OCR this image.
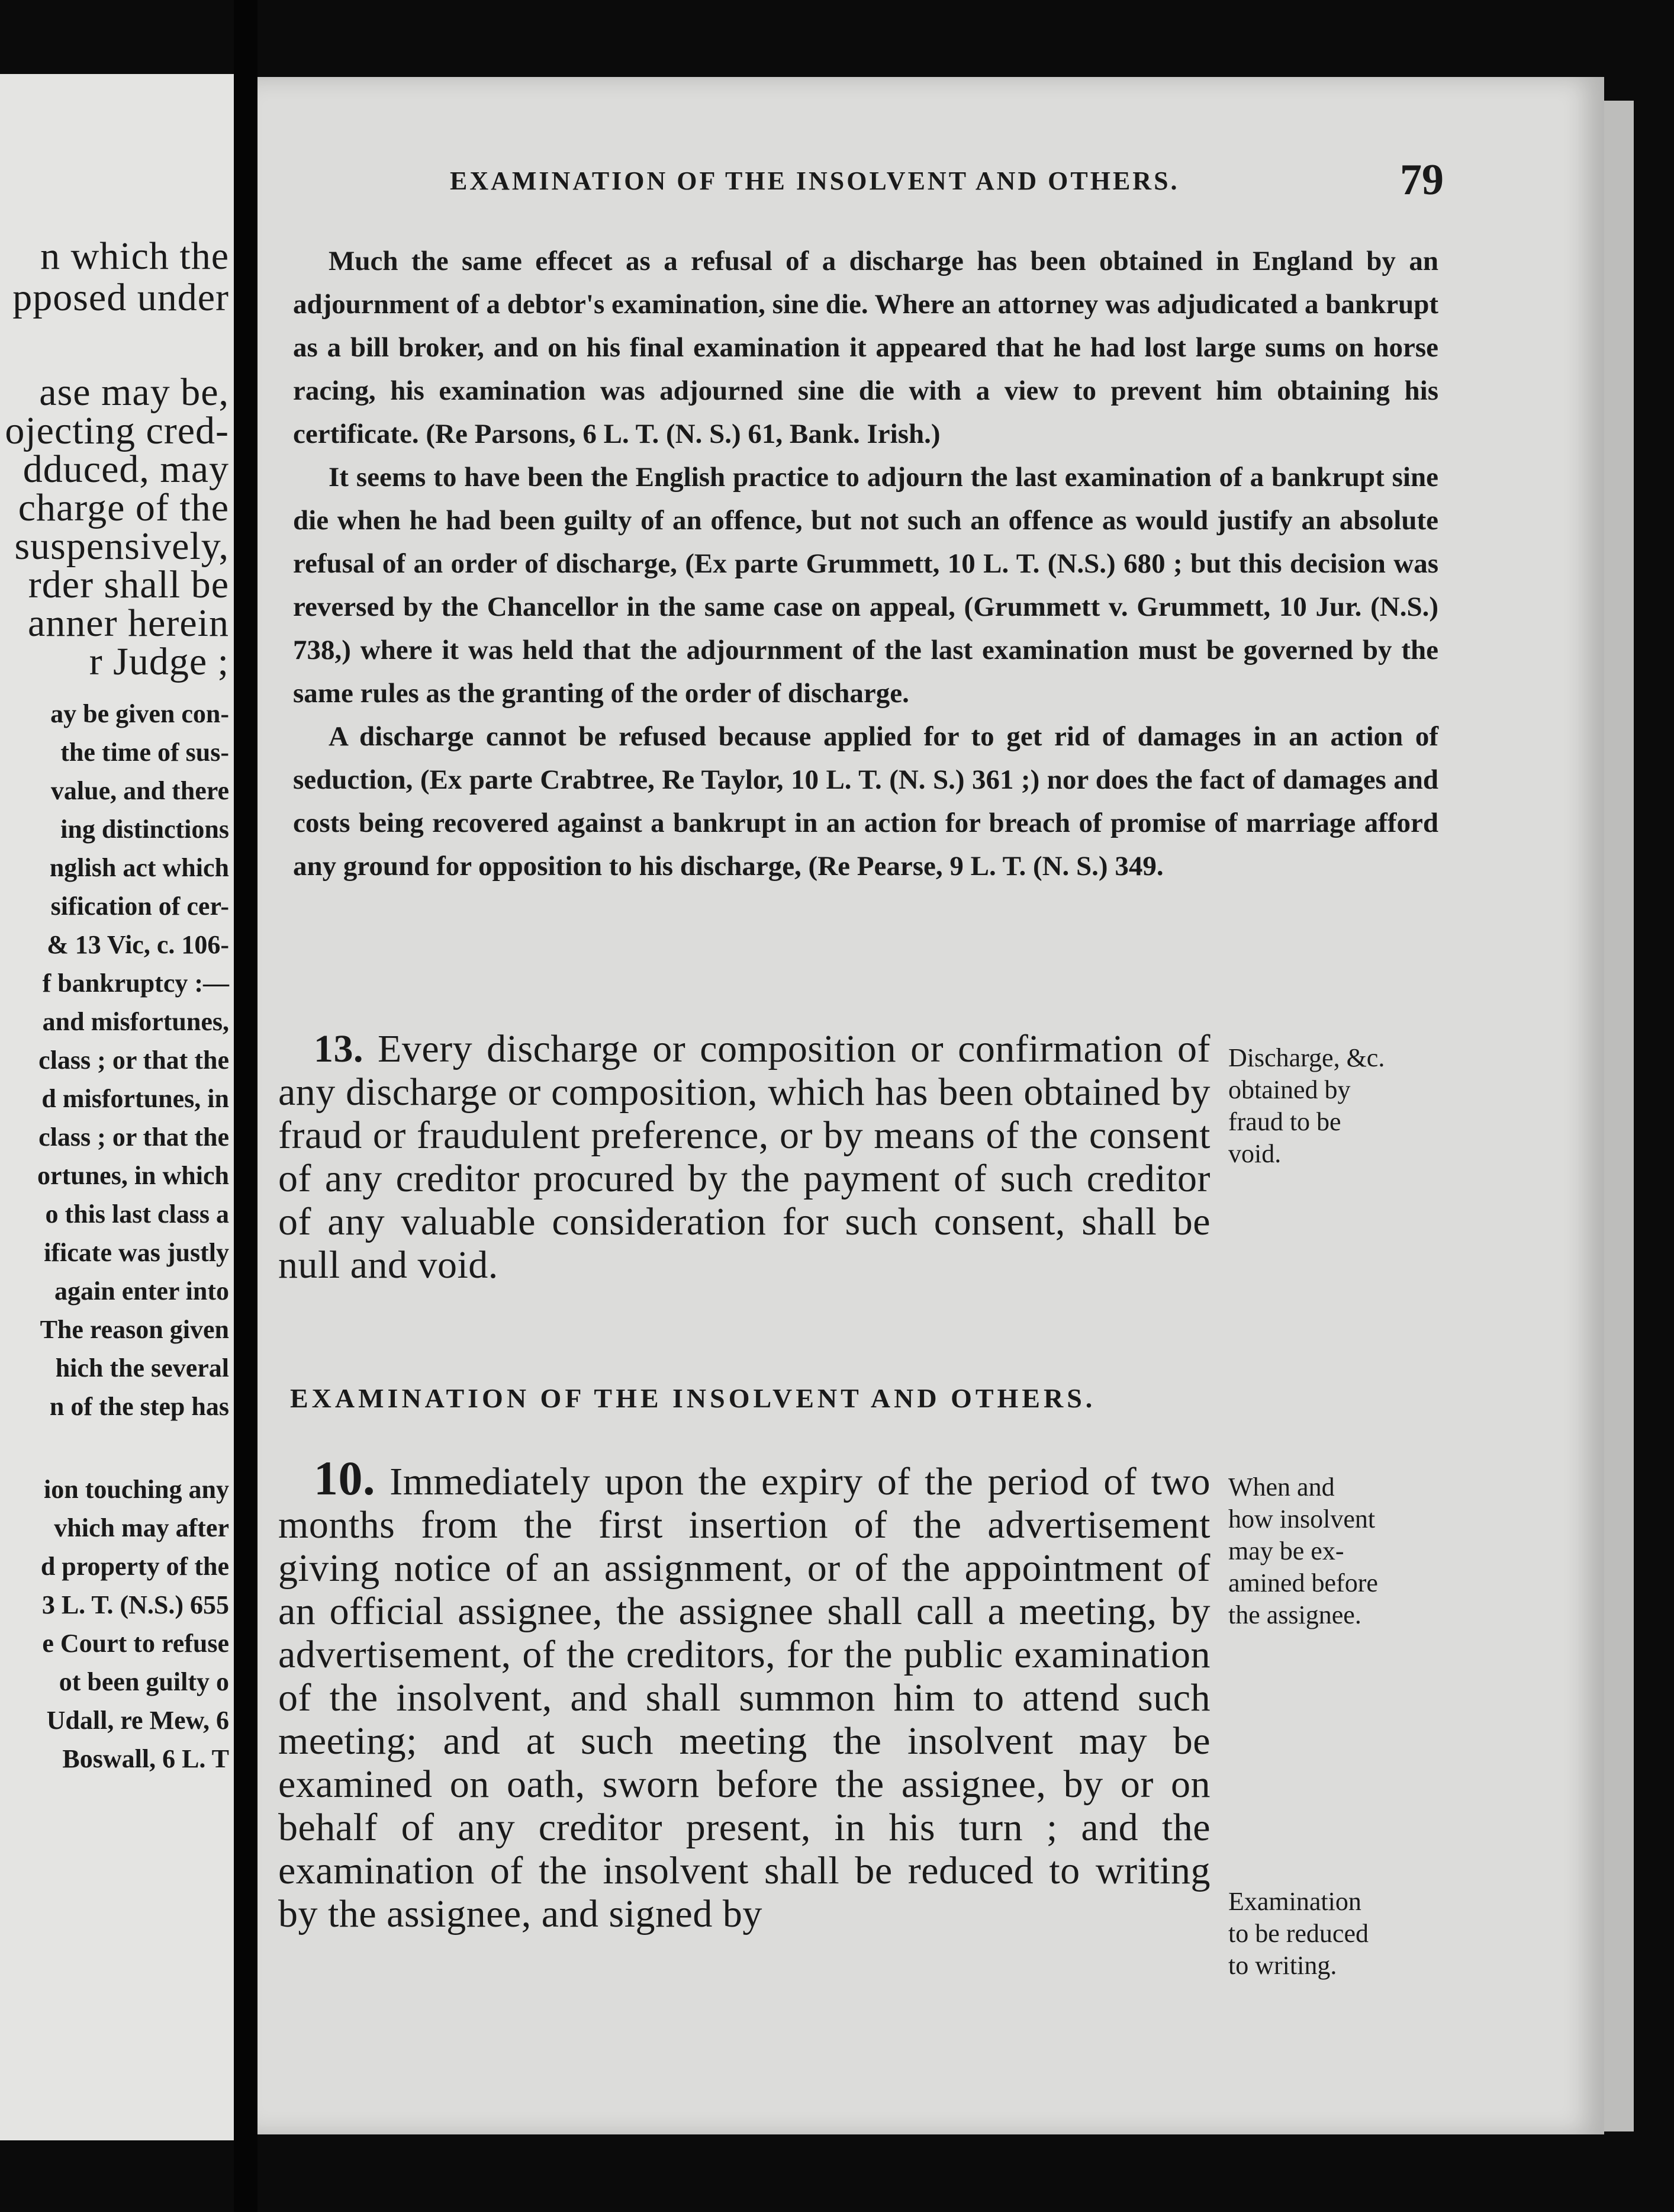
n which the
pposed under
ase may be,
ojecting cred-
dduced, may
charge of the
suspensively,
rder shall be
anner herein
r Judge ;
ay be given con-
the time of sus-
value, and there
ing distinctions
nglish act which
sification of cer-
& 13 Vic, c. 106-
f bankruptcy :—
and misfortunes,
class ; or that the
d misfortunes, in
class ; or that the
ortunes, in which
o this last class a
ificate was justly
again enter into
The reason given
hich the several
n of the step has
ion touching any
vhich may after
d property of the
3 L. T. (N.S.) 655
e Court to refuse
ot been guilty o
Udall, re Mew, 6
Boswall, 6 L. T
EXAMINATION OF THE INSOLVENT AND OTHERS.	79

Much the same effecet as a refusal of a discharge has been obtained in England by an adjournment of a debtor's examination, sine die. Where an attorney was adjudicated a bankrupt as a bill broker, and on his final examination it appeared that he had lost large sums on horse racing, his examination was adjourned sine die with a view to prevent him obtaining his certificate. (Re Parsons, 6 L. T. (N. S.) 61, Bank. Irish.)

It seems to have been the English practice to adjourn the last examination of a bankrupt sine die when he had been guilty of an offence, but not such an offence as would justify an absolute refusal of an order of discharge, (Ex parte Grummett, 10 L. T. (N.S.) 680 ; but this decision was reversed by the Chancellor in the same case on appeal, (Grummett v. Grummett, 10 Jur. (N.S.) 738,) where it was held that the adjournment of the last examination must be governed by the same rules as the granting of the order of discharge.

A discharge cannot be refused because applied for to get rid of damages in an action of seduction, (Ex parte Crabtree, Re Taylor, 10 L. T. (N. S.) 361 ;) nor does the fact of damages and costs being recovered against a bankrupt in an action for breach of promise of marriage afford any ground for opposition to his discharge, (Re Pearse, 9 L. T. (N. S.) 349.

13. Every discharge or composition or confirmation of any discharge or composition, which has been obtained by fraud or fraudulent preference, or by means of the consent of any creditor procured by the payment of such creditor of any valuable consideration for such consent, shall be null and void.

Discharge, &c.
obtained by
fraud to be
void.
EXAMINATION OF THE INSOLVENT AND OTHERS.

10. Immediately upon the expiry of the period of two months from the first insertion of the advertisement giving notice of an assignment, or of the appointment of an official assignee, the assignee shall call a meeting, by advertisement, of the creditors, for the public examination of the insolvent, and shall summon him to attend such meeting; and at such meeting the insolvent may be examined on oath, sworn before the assignee, by or on behalf of any creditor present, in his turn ; and the examination of the insolvent shall be reduced to writing by the assignee, and signed by

When and
how insolvent
may be ex-
amined before
the assignee.
Examination
to be reduced
to writing.
